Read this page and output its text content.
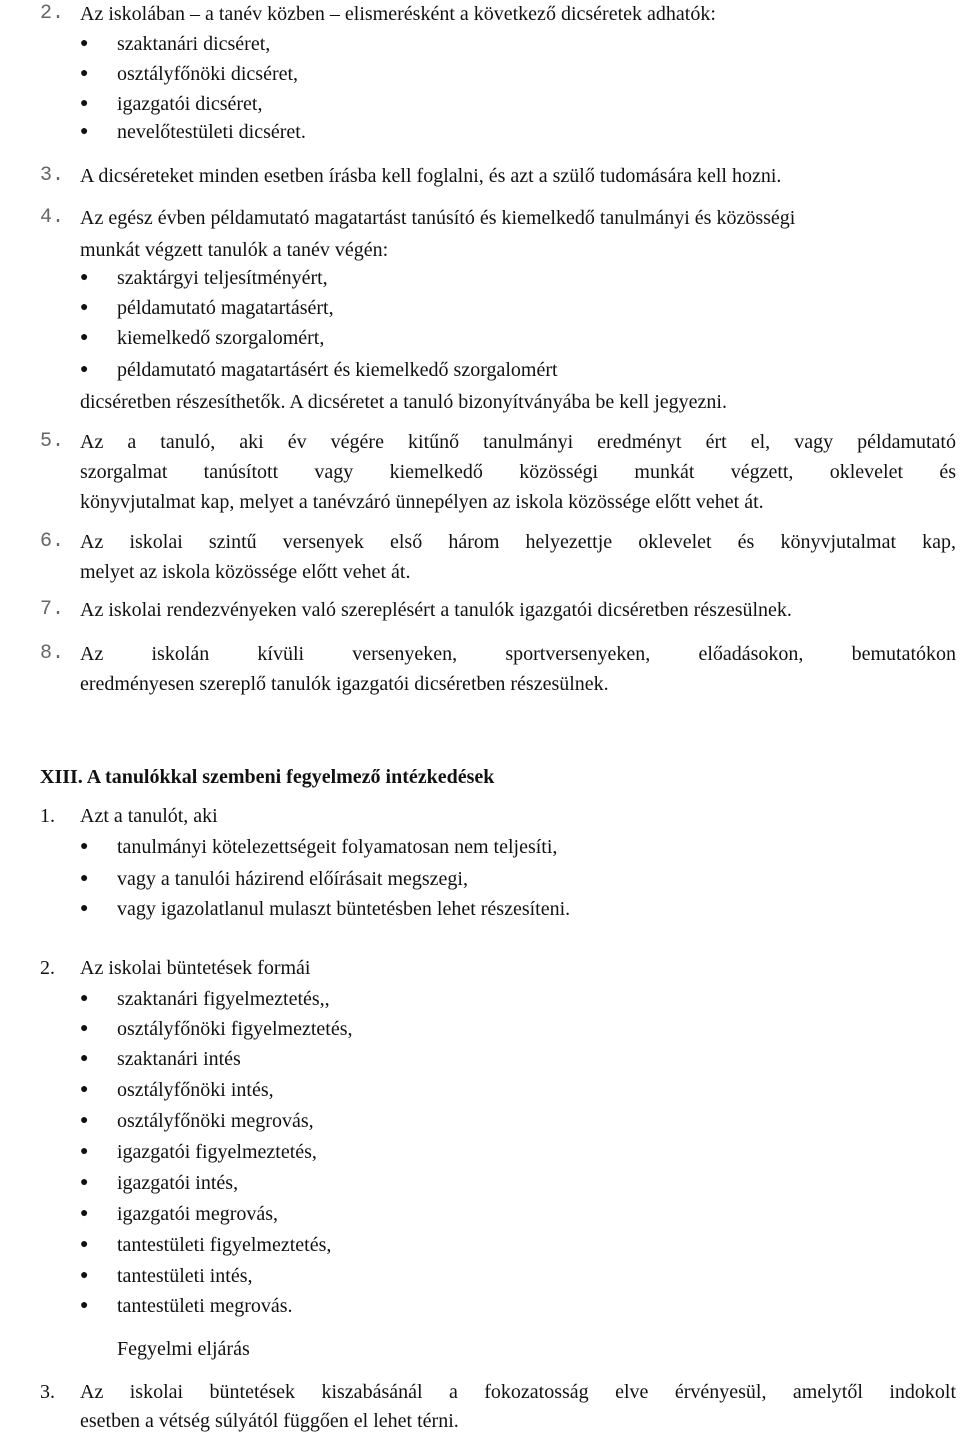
2. Az iskolában – a tanév közben – elismerésként a következő dicséretek adhatók:
● szaktanári dicséret,
● osztályfőnöki dicséret,
● igazgatói dicséret,
● nevelőtestületi dicséret.
3. A dicséreteket minden esetben írásba kell foglalni, és azt a szülő tudomására kell hozni.
4. Az egész évben példamutató magatartást tanúsító és kiemelkedő tanulmányi és közösségi
munkát végzett tanulók a tanév végén:
● szaktárgyi teljesítményért,
● példamutató magatartásért,
● kiemelkedő szorgalomért,
● példamutató magatartásért és kiemelkedő szorgalomért
dicséretben részesíthetők. A dicséretet a tanuló bizonyítványába be kell jegyezni.
5. Az a tanuló, aki év végére kitűnő tanulmányi eredményt ért el, vagy példamutató
szorgalmat tanúsított vagy kiemelkedő közösségi munkát végzett, oklevelet és
könyvjutalmat kap, melyet a tanévzáró ünnepélyen az iskola közössége előtt vehet át.
6. Az iskolai szintű versenyek első három helyezettje oklevelet és könyvjutalmat kap,
melyet az iskola közössége előtt vehet át.
7. Az iskolai rendezvényeken való szereplésért a tanulók igazgatói dicséretben részesülnek.
8. Az iskolán kívüli versenyeken, sportversenyeken, előadásokon, bemutatókon
eredményesen szereplő tanulók igazgatói dicséretben részesülnek.
XIII. A tanulókkal szembeni fegyelmező intézkedések
1. Azt a tanulót, aki
● tanulmányi kötelezettségeit folyamatosan nem teljesíti,
● vagy a tanulói házirend előírásait megszegi,
● vagy igazolatlanul mulaszt büntetésben lehet részesíteni.
2. Az iskolai büntetések formái
● szaktanári figyelmeztetés,,
● osztályfőnöki figyelmeztetés,
● szaktanári intés
● osztályfőnöki intés,
● osztályfőnöki megrovás,
● igazgatói figyelmeztetés,
● igazgatói intés,
● igazgatói megrovás,
● tantestületi figyelmeztetés,
● tantestületi intés,
● tantestületi megrovás.
Fegyelmi eljárás
3. Az iskolai büntetések kiszabásánál a fokozatosság elve érvényesül, amelytől indokolt
esetben a vétség súlyától függően el lehet térni.
